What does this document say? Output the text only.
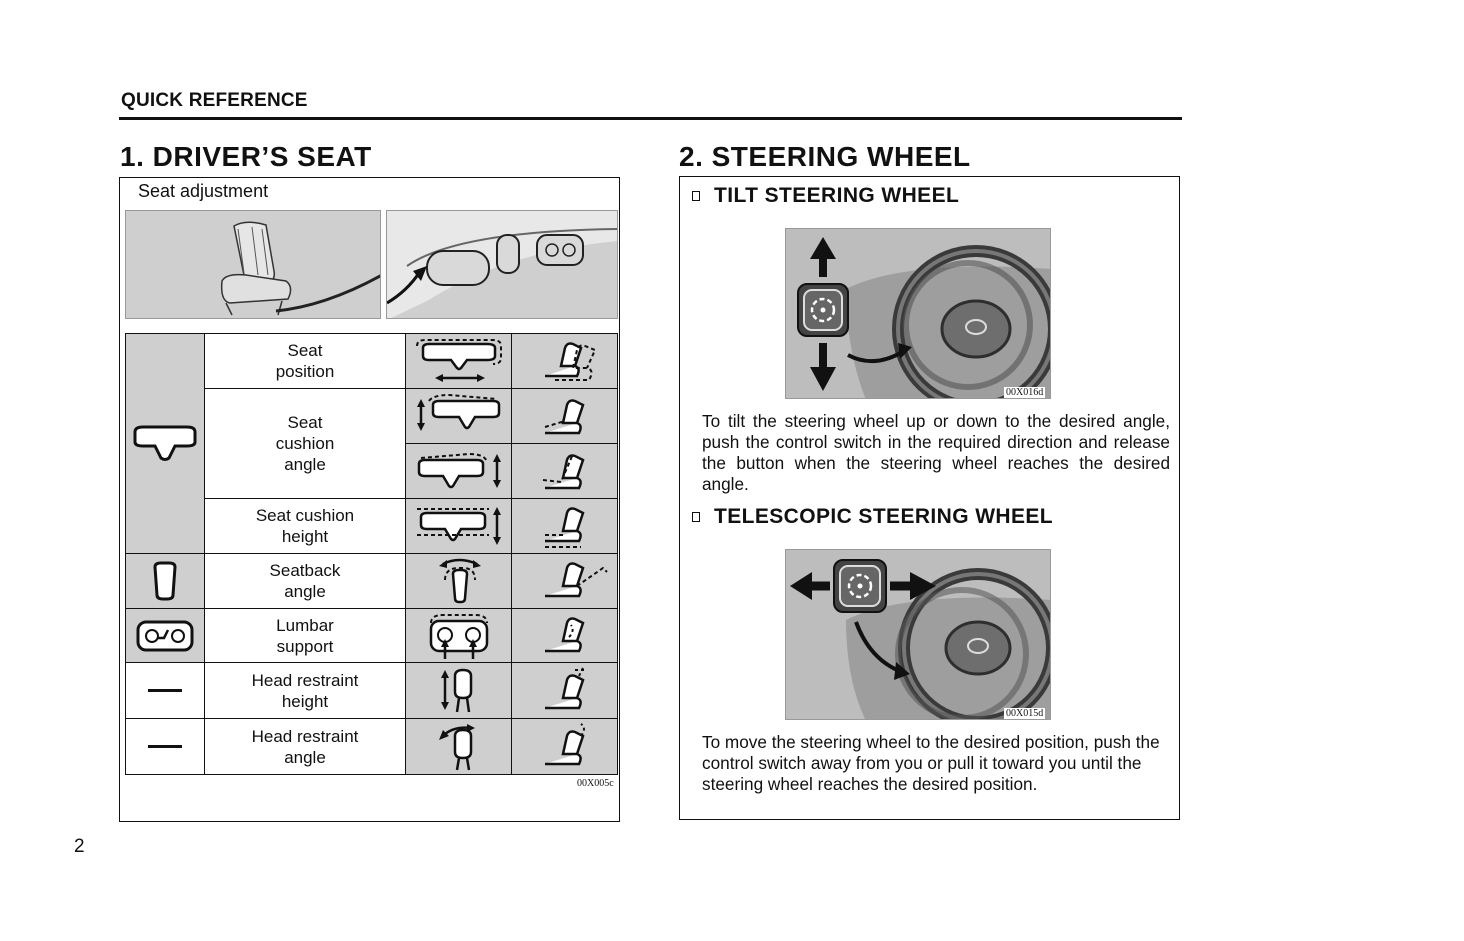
QUICK REFERENCE
1. DRIVER’S SEAT
Seat adjustment
	Seat
position	

	Seat
cushion
angle	

	Seat cushion
height	

	Seatback
angle	

	Lumbar
support	

	Head restraint
height	

	Head restraint
angle	

00X005c
2. STEERING WHEEL
TILT STEERING WHEEL
00X016d
To tilt the steering wheel up or down to the desired angle, push the control switch in the required direction and release the button when the steering wheel reaches the desired angle.
TELESCOPIC STEERING WHEEL
00X015d
To move the steering wheel to the desired position, push the control switch away from you or pull it toward you until the steering wheel reaches the desired position.
2
